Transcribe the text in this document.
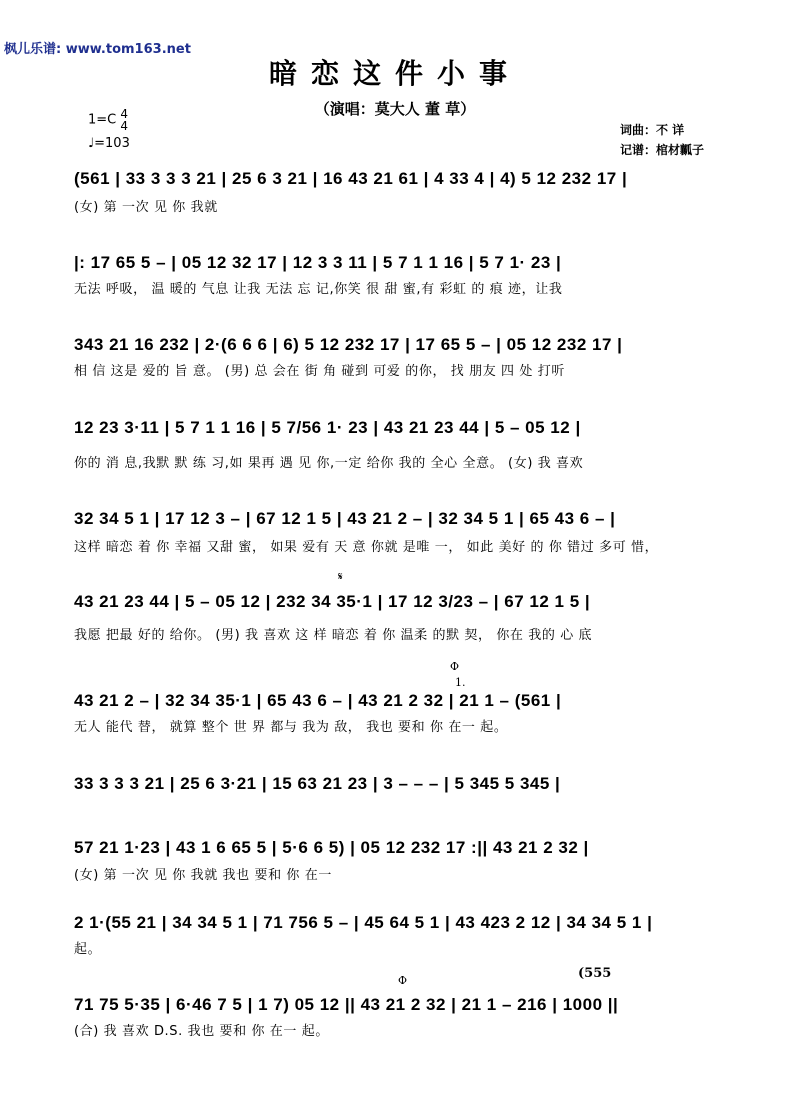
枫儿乐谱: www.tom163.net
暗恋这件小事
（演唱：莫大人 董 草）
1=C 4
4
♩=103
词曲：不 详
记谱：棺材瓤子
(561 | 33 3 3 3 21 | 25 6 3 21 | 16 43 21 61 | 4 33 4 | 4) 5 12 232 17 |
(女) 第 一次 见 你 我就
|: 17 65 5 – | 05 12 32 17 | 12 3 3 11 | 5 7 1 1 16 | 5 7 1· 23 |
无法 呼吸， 温 暖的 气息 让我 无法 忘 记,你笑 很 甜 蜜,有 彩虹 的 痕 迹，让我
343 21 16 232 | 2·(6 6 6 | 6) 5 12 232 17 | 17 65 5 – | 05 12 232 17 |
相 信 这是 爱的 旨 意。 (男) 总 会在 街 角 碰到 可爱 的你， 找 朋友 四 处 打听
12 23 3·11 | 5 7 1 1 16 | 5 7/56 1· 23 | 43 21 23 44 | 5 – 05 12 |
你的 消 息,我默 默 练 习,如 果再 遇 见 你,一定 给你 我的 全心 全意。 (女) 我 喜欢
32 34 5 1 | 17 12 3 – | 67 12 1 5 | 43 21 2 – | 32 34 5 1 | 65 43 6 – |
这样 暗恋 着 你 幸福 又甜 蜜， 如果 爱有 天 意 你就 是唯 一， 如此 美好 的 你 错过 多可 惜，
𝄋
43 21 23 44 | 5 – 05 12 | 232 34 35·1 | 17 12 3/23 – | 67 12 1 5 |
我愿 把最 好的 给你。 (男) 我 喜欢 这 样 暗恋 着 你 温柔 的默 契， 你在 我的 心 底
Φ
1.
43 21 2 – | 32 34 35·1 | 65 43 6 – | 43 21 2 32 | 21 1 – (561 |
无人 能代 替， 就算 整个 世 界 都与 我为 敌， 我也 要和 你 在一 起。
33 3 3 3 21 | 25 6 3·21 | 15 63 21 23 | 3 – – – | 5 345 5 345 |
57 21 1·23 | 43 1 6 65 5 | 5·6 6 5) | 05 12 232 17 :|| 43 21 2 32 |
(女) 第 一次 见 你 我就 我也 要和 你 在一
2 1·(55 21 | 34 34 5 1 | 71 756 5 – | 45 64 5 1 | 43 423 2 12 | 34 34 5 1 |
起。
Φ	(555
71 75 5·35 | 6·46 7 5 | 1 7) 05 12 || 43 21 2 32 | 21 1 – 216 | 1000 ||
(合) 我 喜欢 D.S. 我也 要和 你 在一 起。
